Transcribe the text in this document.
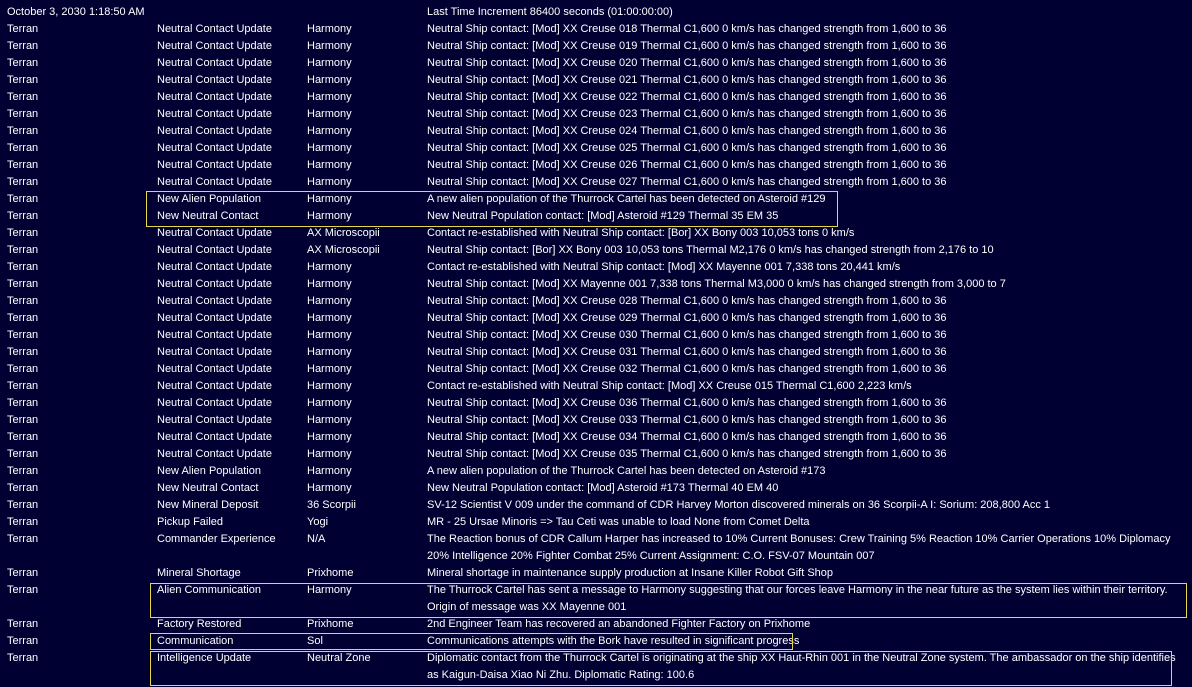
October 3, 2030 1:18:50 AM	Last Time Increment 86400 seconds (01:00:00:00)
Terran	Neutral Contact Update	Harmony	Neutral Ship contact: [Mod] XX Creuse 018 Thermal C1,600 0 km/s has changed strength from 1,600 to 36
Terran	Neutral Contact Update	Harmony	Neutral Ship contact: [Mod] XX Creuse 019 Thermal C1,600 0 km/s has changed strength from 1,600 to 36
Terran	Neutral Contact Update	Harmony	Neutral Ship contact: [Mod] XX Creuse 020 Thermal C1,600 0 km/s has changed strength from 1,600 to 36
Terran	Neutral Contact Update	Harmony	Neutral Ship contact: [Mod] XX Creuse 021 Thermal C1,600 0 km/s has changed strength from 1,600 to 36
Terran	Neutral Contact Update	Harmony	Neutral Ship contact: [Mod] XX Creuse 022 Thermal C1,600 0 km/s has changed strength from 1,600 to 36
Terran	Neutral Contact Update	Harmony	Neutral Ship contact: [Mod] XX Creuse 023 Thermal C1,600 0 km/s has changed strength from 1,600 to 36
Terran	Neutral Contact Update	Harmony	Neutral Ship contact: [Mod] XX Creuse 024 Thermal C1,600 0 km/s has changed strength from 1,600 to 36
Terran	Neutral Contact Update	Harmony	Neutral Ship contact: [Mod] XX Creuse 025 Thermal C1,600 0 km/s has changed strength from 1,600 to 36
Terran	Neutral Contact Update	Harmony	Neutral Ship contact: [Mod] XX Creuse 026 Thermal C1,600 0 km/s has changed strength from 1,600 to 36
Terran	Neutral Contact Update	Harmony	Neutral Ship contact: [Mod] XX Creuse 027 Thermal C1,600 0 km/s has changed strength from 1,600 to 36
Terran	New Alien Population	Harmony	A new alien population of the Thurrock Cartel has been detected on Asteroid #129
Terran	New Neutral Contact	Harmony	New Neutral Population contact: [Mod] Asteroid #129 Thermal 35 EM 35
Terran	Neutral Contact Update	AX Microscopii	Contact re-established with Neutral Ship contact: [Bor] XX Bony 003 10,053 tons 0 km/s
Terran	Neutral Contact Update	AX Microscopii	Neutral Ship contact: [Bor] XX Bony 003 10,053 tons Thermal M2,176 0 km/s has changed strength from 2,176 to 10
Terran	Neutral Contact Update	Harmony	Contact re-established with Neutral Ship contact: [Mod] XX Mayenne 001 7,338 tons 20,441 km/s
Terran	Neutral Contact Update	Harmony	Neutral Ship contact: [Mod] XX Mayenne 001 7,338 tons Thermal M3,000 0 km/s has changed strength from 3,000 to 7
Terran	Neutral Contact Update	Harmony	Neutral Ship contact: [Mod] XX Creuse 028 Thermal C1,600 0 km/s has changed strength from 1,600 to 36
Terran	Neutral Contact Update	Harmony	Neutral Ship contact: [Mod] XX Creuse 029 Thermal C1,600 0 km/s has changed strength from 1,600 to 36
Terran	Neutral Contact Update	Harmony	Neutral Ship contact: [Mod] XX Creuse 030 Thermal C1,600 0 km/s has changed strength from 1,600 to 36
Terran	Neutral Contact Update	Harmony	Neutral Ship contact: [Mod] XX Creuse 031 Thermal C1,600 0 km/s has changed strength from 1,600 to 36
Terran	Neutral Contact Update	Harmony	Neutral Ship contact: [Mod] XX Creuse 032 Thermal C1,600 0 km/s has changed strength from 1,600 to 36
Terran	Neutral Contact Update	Harmony	Contact re-established with Neutral Ship contact: [Mod] XX Creuse 015 Thermal C1,600 2,223 km/s
Terran	Neutral Contact Update	Harmony	Neutral Ship contact: [Mod] XX Creuse 036 Thermal C1,600 0 km/s has changed strength from 1,600 to 36
Terran	Neutral Contact Update	Harmony	Neutral Ship contact: [Mod] XX Creuse 033 Thermal C1,600 0 km/s has changed strength from 1,600 to 36
Terran	Neutral Contact Update	Harmony	Neutral Ship contact: [Mod] XX Creuse 034 Thermal C1,600 0 km/s has changed strength from 1,600 to 36
Terran	Neutral Contact Update	Harmony	Neutral Ship contact: [Mod] XX Creuse 035 Thermal C1,600 0 km/s has changed strength from 1,600 to 36
Terran	New Alien Population	Harmony	A new alien population of the Thurrock Cartel has been detected on Asteroid #173
Terran	New Neutral Contact	Harmony	New Neutral Population contact: [Mod] Asteroid #173 Thermal 40 EM 40
Terran	New Mineral Deposit	36 Scorpii	SV-12 Scientist V 009 under the command of CDR Harvey Morton discovered minerals on 36 Scorpii-A I: Sorium: 208,800 Acc 1
Terran	Pickup Failed	Yogi	MR - 25 Ursae Minoris => Tau Ceti was unable to load None from Comet Delta
Terran	Commander Experience	N/A	The Reaction bonus of CDR Callum Harper has increased to 10% Current Bonuses: Crew Training 5% Reaction 10% Carrier Operations 10% Diplomacy 20% Intelligence 20% Fighter Combat 25% Current Assignment: C.O. FSV-07 Mountain 007
Terran	Mineral Shortage	Prixhome	Mineral shortage in maintenance supply production at Insane Killer Robot Gift Shop
Terran	Alien Communication	Harmony	The Thurrock Cartel has sent a message to Harmony suggesting that our forces leave Harmony in the near future as the system lies within their territory. Origin of message was XX Mayenne 001
Terran	Factory Restored	Prixhome	2nd Engineer Team has recovered an abandoned Fighter Factory on Prixhome
Terran	Communication	Sol	Communications attempts with the Bork have resulted in significant progress
Terran	Intelligence Update	Neutral Zone	Diplomatic contact from the Thurrock Cartel is originating at the ship XX Haut-Rhin 001 in the Neutral Zone system. The ambassador on the ship identifies as Kaigun-Daisa Xiao Ni Zhu. Diplomatic Rating: 100.6
